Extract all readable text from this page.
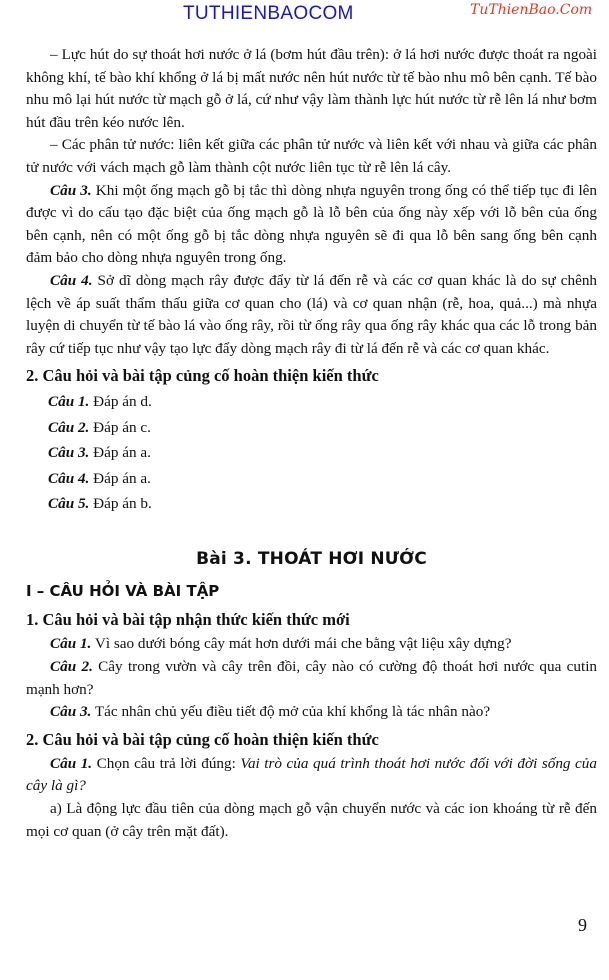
TUTHIENBAOCOM	TuThienBao.Com

– Lực hút do sự thoát hơi nước ở lá (bơm hút đầu trên): ở lá hơi nước được thoát ra ngoài không khí, tế bào khí khổng ở lá bị mất nước nên hút nước từ tế bào nhu mô bên cạnh. Tế bào nhu mô lại hút nước từ mạch gỗ ở lá, cứ như vậy làm thành lực hút nước từ rễ lên lá như bơm hút đầu trên kéo nước lên.

– Các phân tử nước: liên kết giữa các phân tử nước và liên kết với nhau và giữa các phân tử nước với vách mạch gỗ làm thành cột nước liên tục từ rễ lên lá cây.

Câu 3. Khi một ống mạch gỗ bị tắc thì dòng nhựa nguyên trong ống có thể tiếp tục đi lên được vì do cấu tạo đặc biệt của ống mạch gỗ là lỗ bên của ống này xếp với lỗ bên của ống bên cạnh, nên có một ống gỗ bị tắc dòng nhựa nguyên sẽ đi qua lỗ bên sang ống bên cạnh đảm bảo cho dòng nhựa nguyên trong ống.

Câu 4. Sở dĩ dòng mạch rây được đẩy từ lá đến rễ và các cơ quan khác là do sự chênh lệch về áp suất thẩm thấu giữa cơ quan cho (lá) và cơ quan nhận (rễ, hoa, quả...) mà nhựa luyện di chuyển từ tế bào lá vào ống rây, rồi từ ống rây qua ống rây khác qua các lỗ trong bản rây cứ tiếp tục như vậy tạo lực đẩy dòng mạch rây đi từ lá đến rễ và các cơ quan khác.

2. Câu hỏi và bài tập củng cố hoàn thiện kiến thức

Câu 1. Đáp án d.

Câu 2. Đáp án c.

Câu 3. Đáp án a.

Câu 4. Đáp án a.

Câu 5. Đáp án b.

Bài 3. THOÁT HƠI NƯỚC

I – CÂU HỎI VÀ BÀI TẬP

1. Câu hỏi và bài tập nhận thức kiến thức mới

Câu 1. Vì sao dưới bóng cây mát hơn dưới mái che bằng vật liệu xây dựng?

Câu 2. Cây trong vườn và cây trên đồi, cây nào có cường độ thoát hơi nước qua cutin mạnh hơn?

Câu 3. Tác nhân chủ yếu điều tiết độ mở của khí khổng là tác nhân nào?

2. Câu hỏi và bài tập củng cố hoàn thiện kiến thức

Câu 1. Chọn câu trả lời đúng: Vai trò của quá trình thoát hơi nước đối với đời sống của cây là gì?

a) Là động lực đầu tiên của dòng mạch gỗ vận chuyển nước và các ion khoáng từ rễ đến mọi cơ quan (ở cây trên mặt đất).

9
